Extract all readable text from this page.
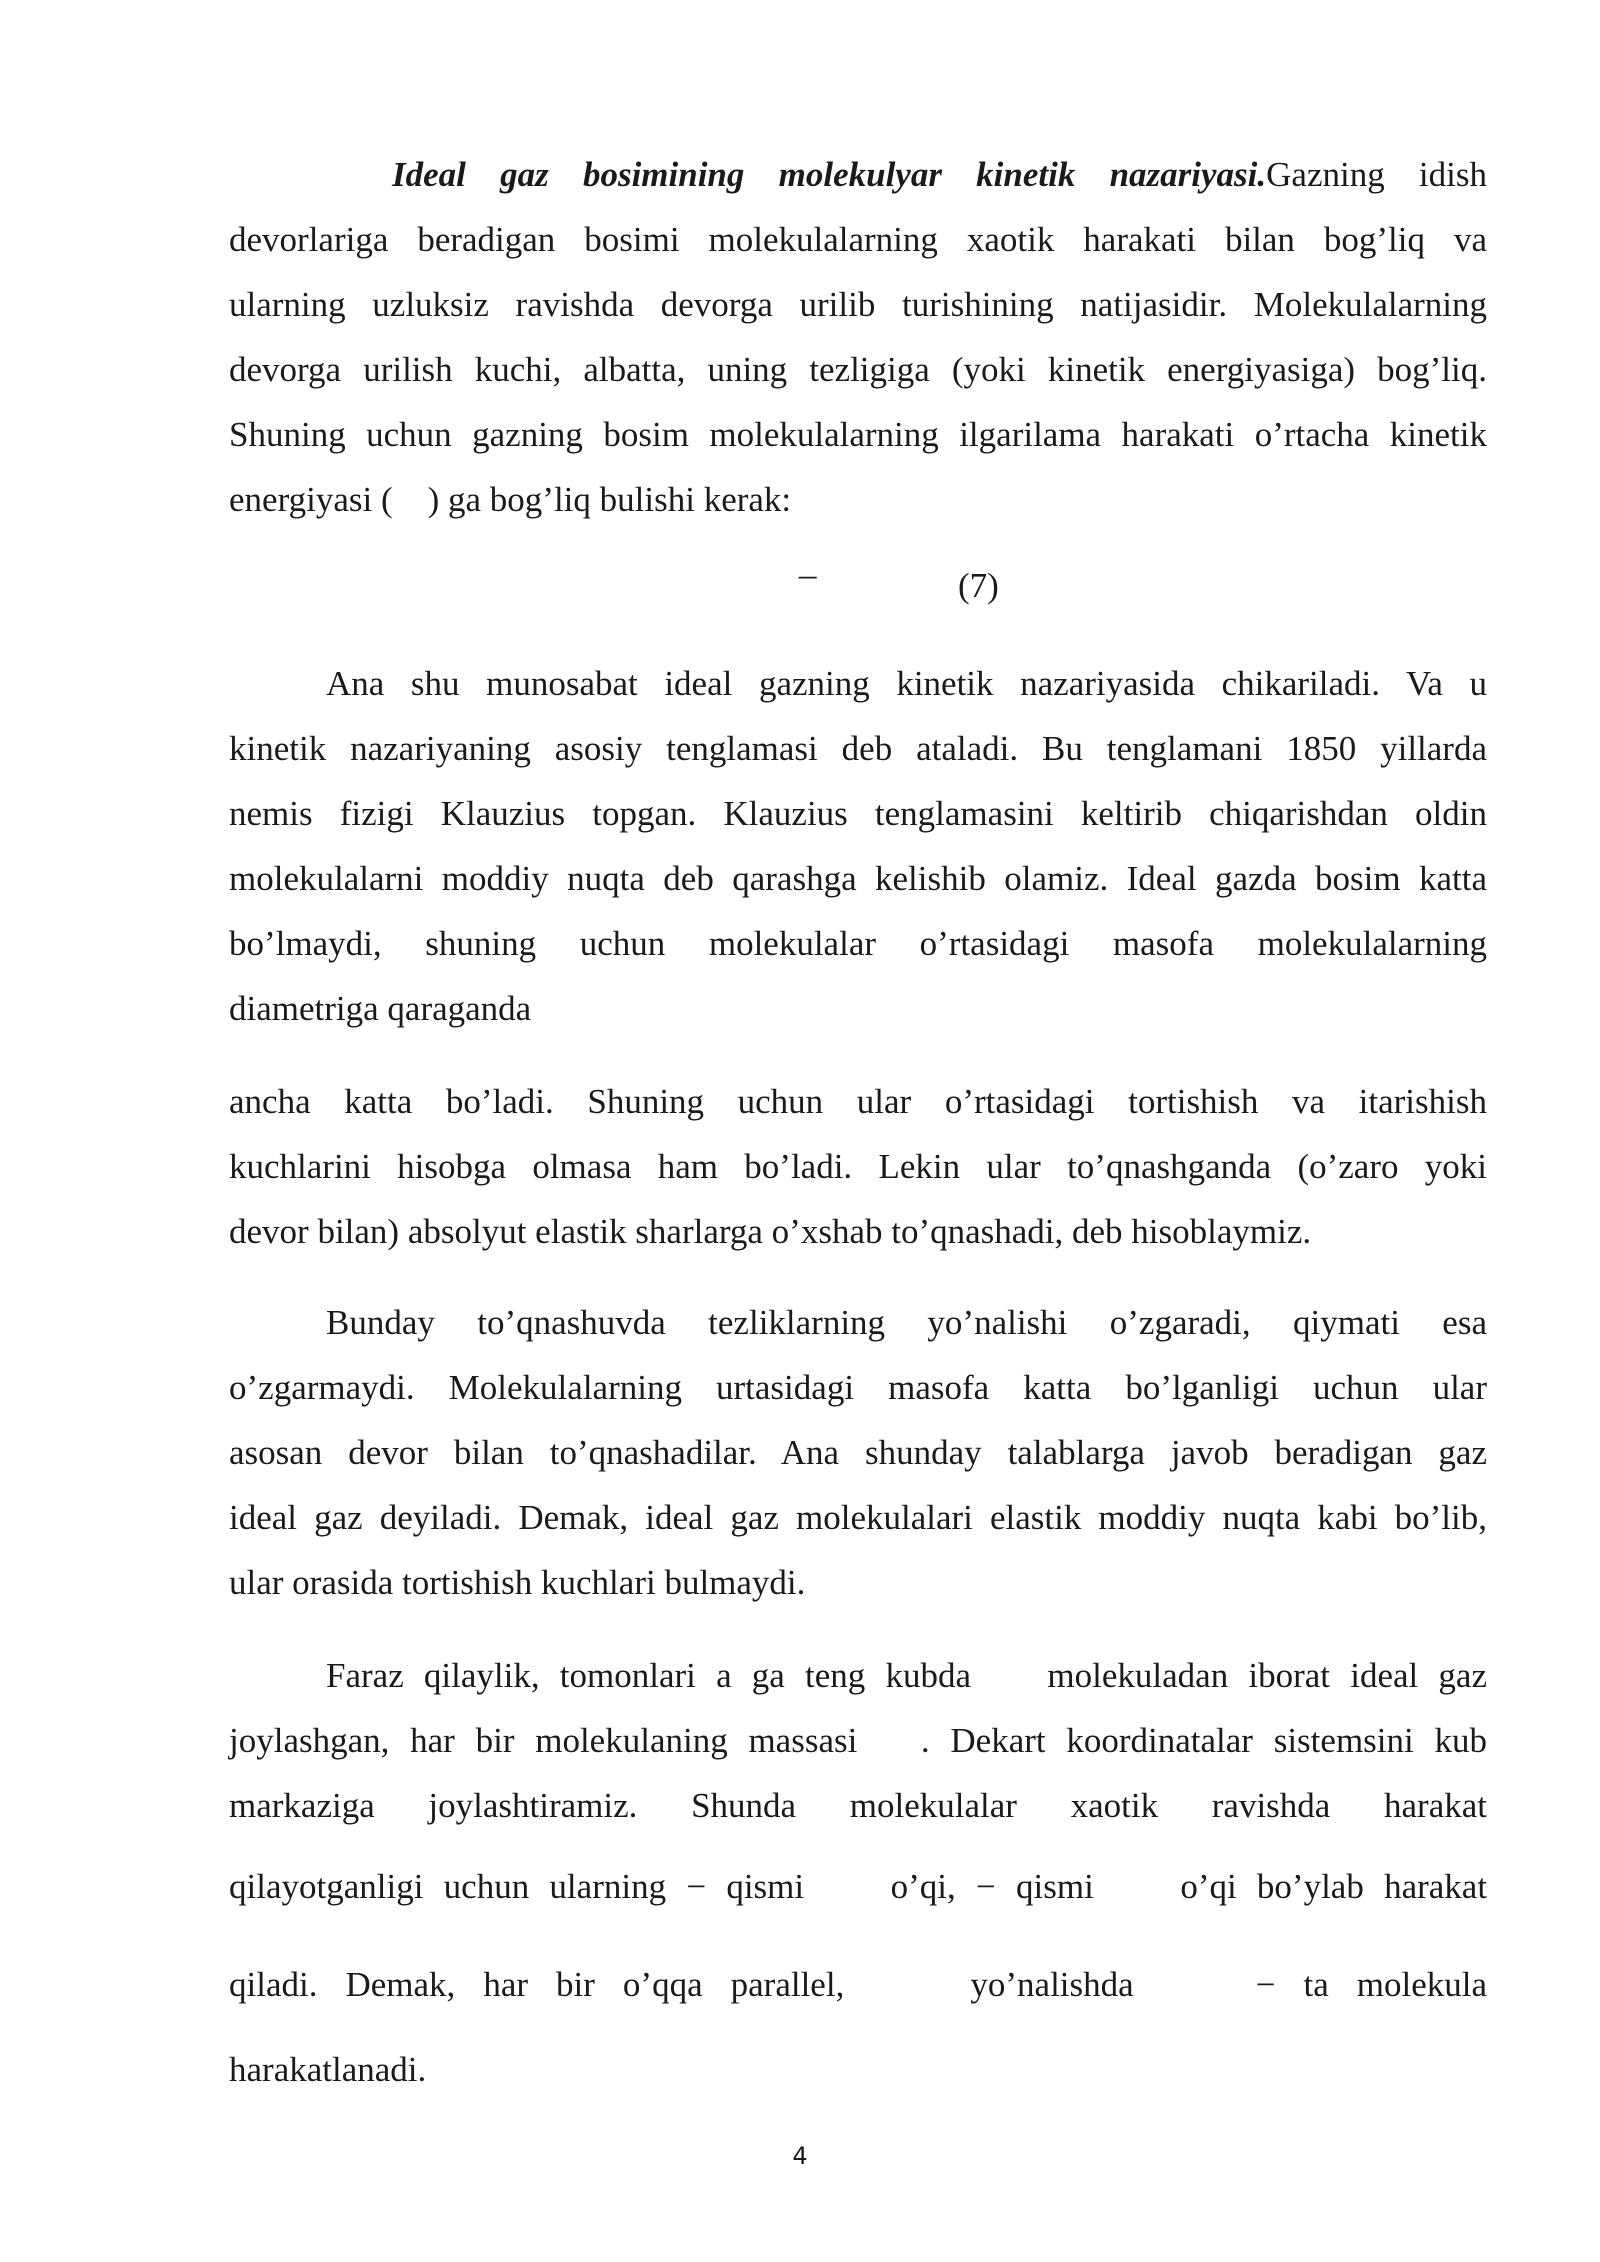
Ideal gaz bosimining molekulyar kinetik nazariyasi.Gazning idish
devorlariga beradigan bosimi molekulalarning xaotik harakati bilan bog’liq va
ularning uzluksiz ravishda devorga urilib turishining natijasidir. Molekulalarning
devorga urilish kuchi, albatta, uning tezligiga (yoki kinetik energiyasiga) bog’liq.
Shuning uchun gazning bosim molekulalarning ilgarilama harakati o’rtacha kinetik
energiyasi (    ) ga bog’liq bulishi kerak:
–	(7)
Ana shu munosabat ideal gazning kinetik nazariyasida chikariladi. Va u
kinetik nazariyaning asosiy tenglamasi deb ataladi. Bu tenglamani 1850 yillarda
nemis fizigi Klauzius topgan. Klauzius tenglamasini keltirib chiqarishdan oldin
molekulalarni moddiy nuqta deb qarashga kelishib olamiz. Ideal gazda bosim katta
bo’lmaydi, shuning uchun molekulalar o’rtasidagi masofa molekulalarning
diametriga qaraganda
ancha katta bo’ladi. Shuning uchun ular o’rtasidagi tortishish va itarishish
kuchlarini hisobga olmasa ham bo’ladi. Lekin ular to’qnashganda (o’zaro yoki
devor bilan) absolyut elastik sharlarga o’xshab to’qnashadi, deb hisoblaymiz.
Bunday to’qnashuvda tezliklarning yo’nalishi o’zgaradi, qiymati esa
o’zgarmaydi. Molekulalarning urtasidagi masofa katta bo’lganligi uchun ular
asosan devor bilan to’qnashadilar. Ana shunday talablarga javob beradigan gaz
ideal gaz deyiladi. Demak, ideal gaz molekulalari elastik moddiy nuqta kabi bo’lib,
ular orasida tortishish kuchlari bulmaydi.
Faraz qilaylik, tomonlari a ga teng kubda molekuladan iborat ideal gaz
joylashgan, har bir molekulaning massasi . Dekart koordinatalar sistemsini kub
markaziga joylashtiramiz. Shunda molekulalar xaotik ravishda harakat
qilayotganligi uchun ularning − qismi o’qi, − qismi o’qi bo’ylab harakat
qiladi. Demak, har bir o’qqa parallel,	yo’nalishda	− ta molekula
harakatlanadi.
4
